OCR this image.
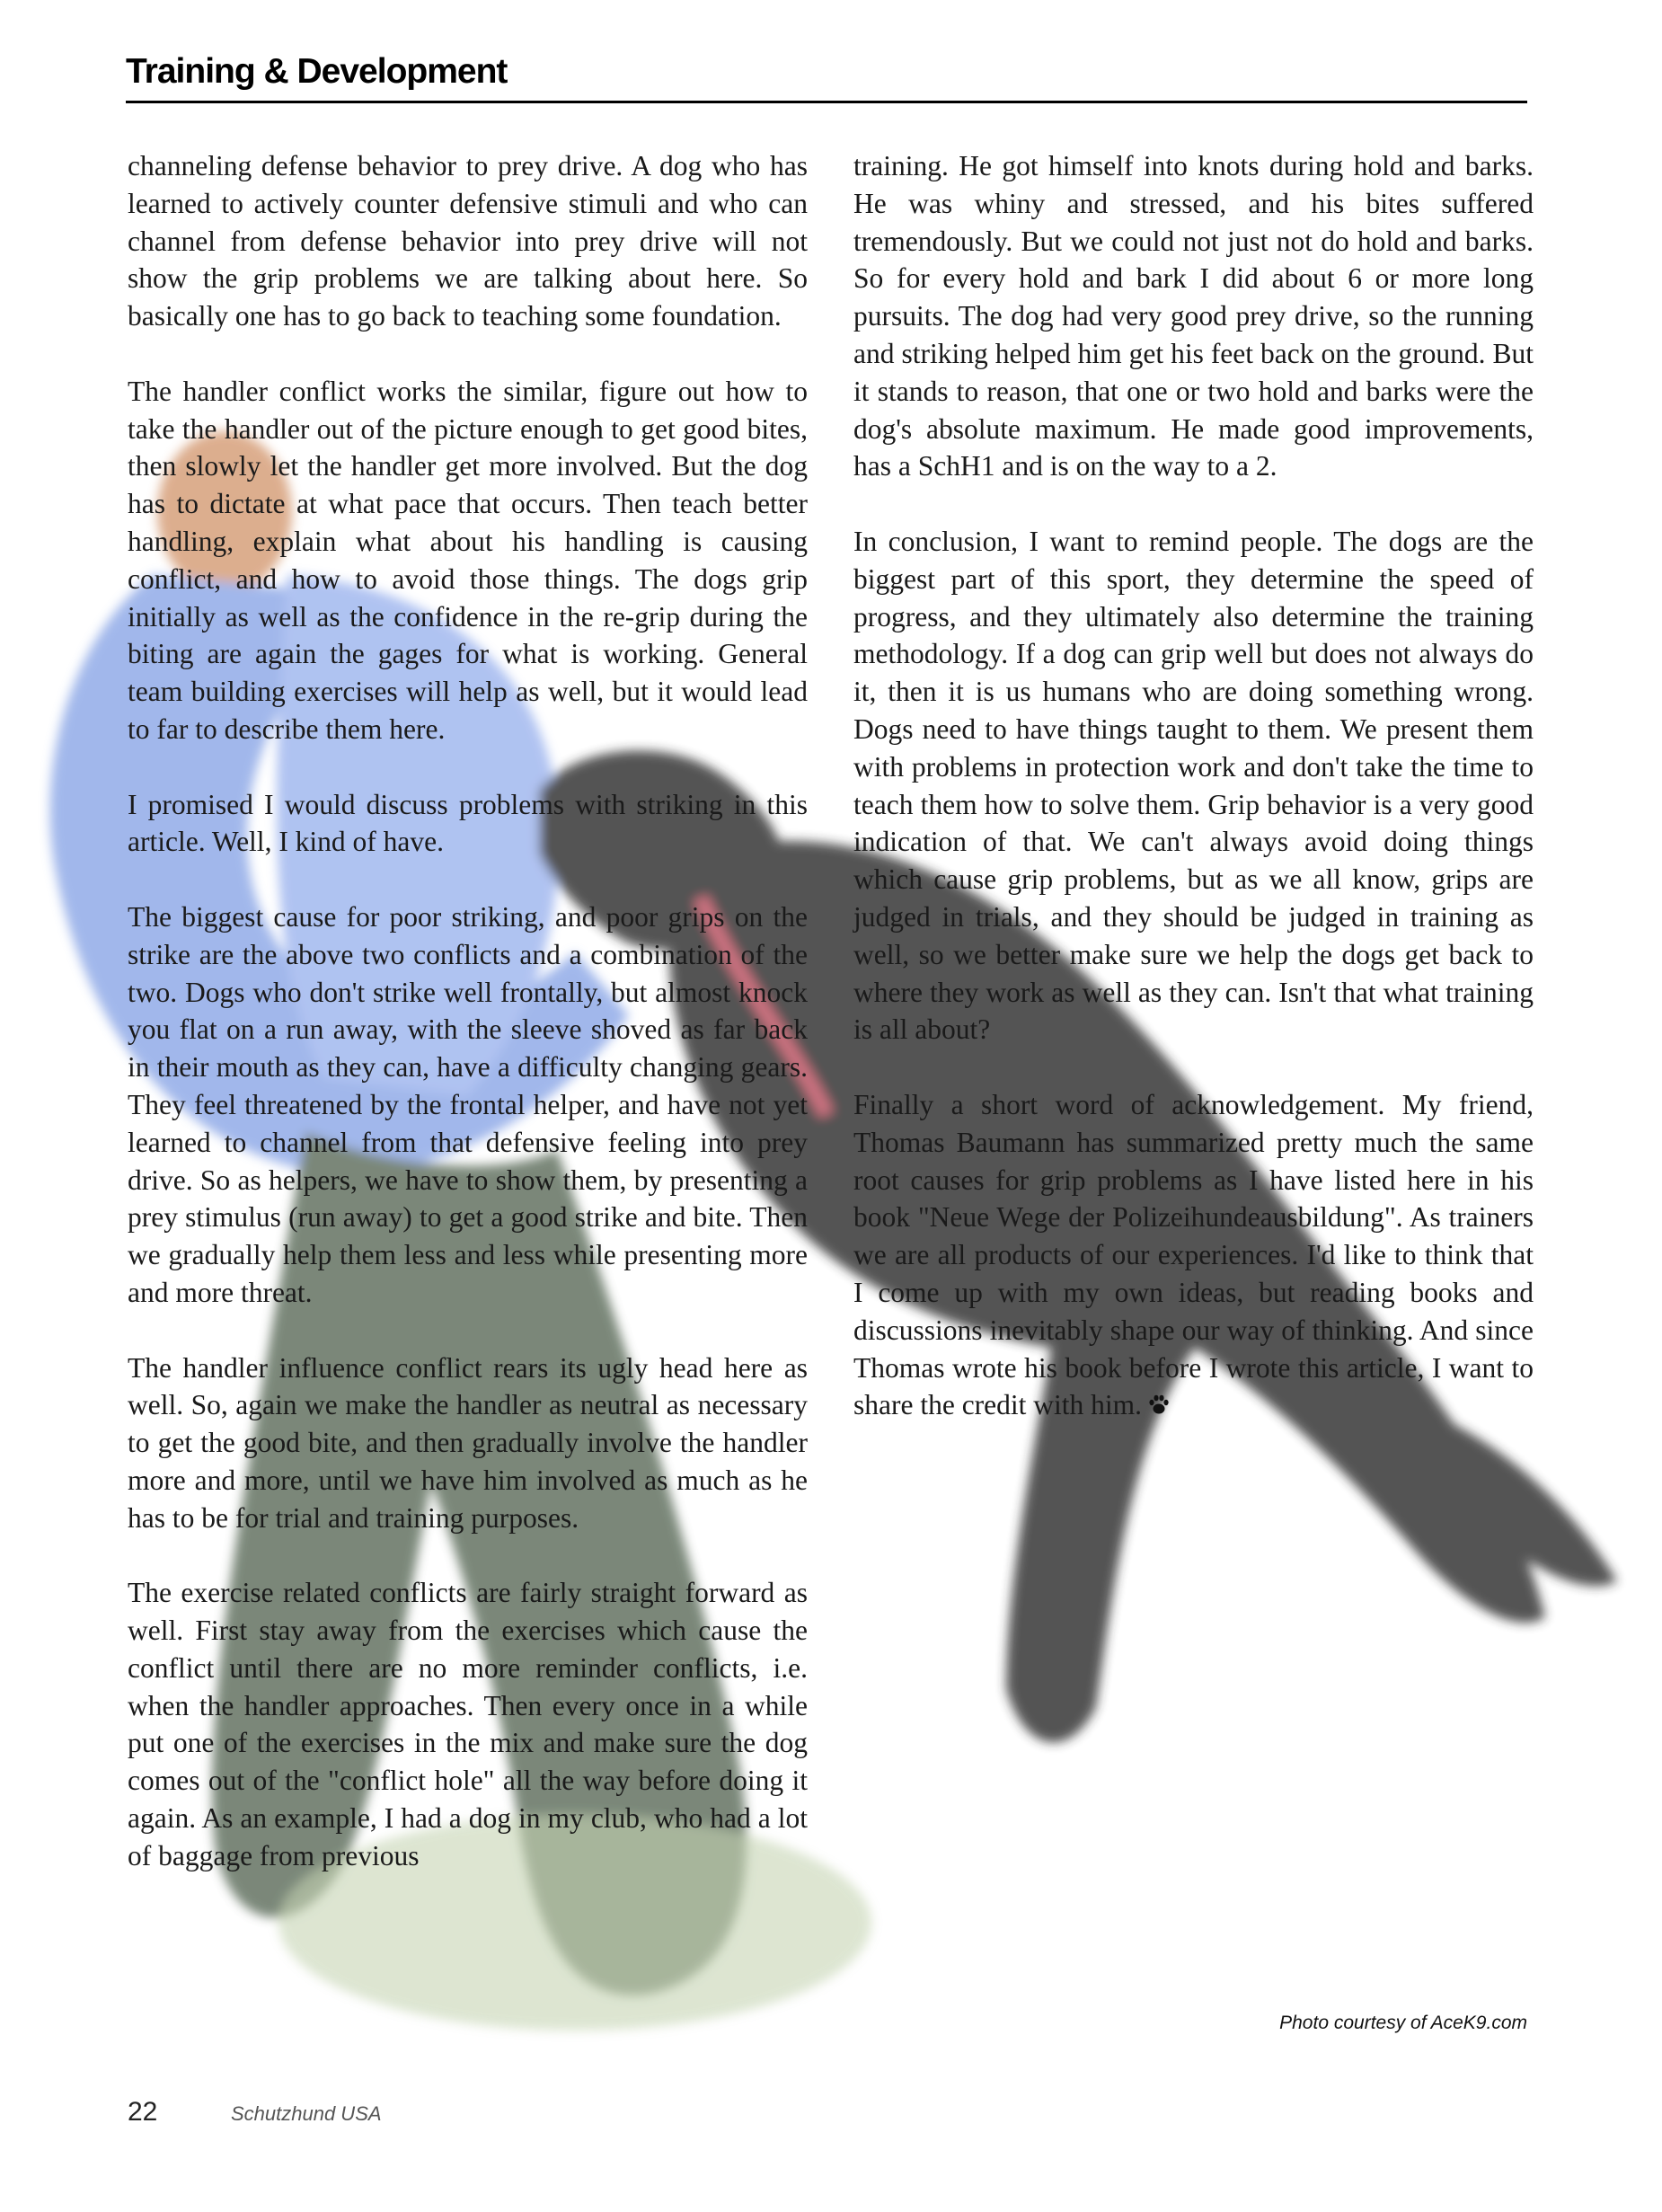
Training & Development

channeling defense behavior to prey drive. A dog who has learned to actively counter defensive stimuli and who can channel from defense behavior into prey drive will not show the grip problems we are talking about here. So basically one has to go back to teaching some foundation.

The handler conflict works the similar, figure out how to take the handler out of the picture enough to get good bites, then slowly let the handler get more involved. But the dog has to dictate at what pace that occurs. Then teach better handling, explain what about his handling is causing conflict, and how to avoid those things. The dogs grip initially as well as the confidence in the re-grip during the biting are again the gages for what is working. General team building exercises will help as well, but it would lead to far to describe them here.

I promised I would discuss problems with striking in this article. Well, I kind of have.

The biggest cause for poor striking, and poor grips on the strike are the above two conflicts and a combination of the two. Dogs who don't strike well frontally, but almost knock you flat on a run away, with the sleeve shoved as far back in their mouth as they can, have a difficulty changing gears. They feel threatened by the frontal helper, and have not yet learned to channel from that defensive feeling into prey drive. So as helpers, we have to show them, by presenting a prey stimulus (run away) to get a good strike and bite. Then we gradually help them less and less while presenting more and more threat.

The handler influence conflict rears its ugly head here as well. So, again we make the handler as neutral as necessary to get the good bite, and then gradually involve the handler more and more, until we have him involved as much as he has to be for trial and training purposes.

The exercise related conflicts are fairly straight forward as well. First stay away from the exercises which cause the conflict until there are no more reminder conflicts, i.e. when the handler approaches. Then every once in a while put one of the exercises in the mix and make sure the dog comes out of the "conflict hole" all the way before doing it again. As an example, I had a dog in my club, who had a lot of baggage from previous

training. He got himself into knots during hold and barks. He was whiny and stressed, and his bites suffered tremendously. But we could not just not do hold and barks. So for every hold and bark I did about 6 or more long pursuits. The dog had very good prey drive, so the running and striking helped him get his feet back on the ground. But it stands to reason, that one or two hold and barks were the dog's absolute maximum. He made good improvements, has a SchH1 and is on the way to a 2.

In conclusion, I want to remind people. The dogs are the biggest part of this sport, they determine the speed of progress, and they ultimately also determine the training methodology. If a dog can grip well but does not always do it, then it is us humans who are doing something wrong. Dogs need to have things taught to them. We present them with problems in protection work and don't take the time to teach them how to solve them. Grip behavior is a very good indication of that. We can't always avoid doing things which cause grip problems, but as we all know, grips are judged in trials, and they should be judged in training as well, so we better make sure we help the dogs get back to where they work as well as they can. Isn't that what training is all about?

Finally a short word of acknowledgement. My friend, Thomas Baumann has summarized pretty much the same root causes for grip problems as I have listed here in his book "Neue Wege der Polizeihundeausbildung". As trainers we are all products of our experiences. I'd like to think that I come up with my own ideas, but reading books and discussions inevitably shape our way of thinking. And since Thomas wrote his book before I wrote this article, I want to share the credit with him.

Photo courtesy of AceK9.com
22	Schutzhund USA
